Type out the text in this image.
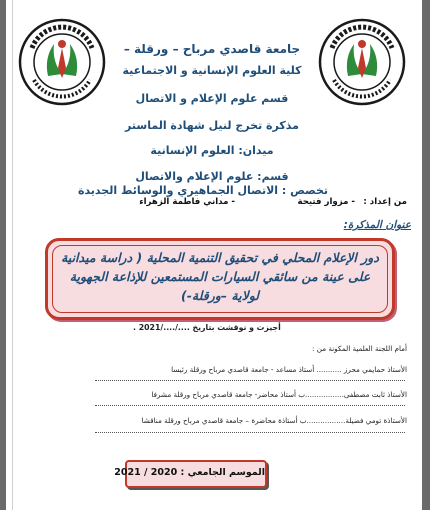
جامعة قاصدي مرباح – ورقلة –
كلية العلوم الإنسانية و الاجتماعية
قسم علوم الإعلام و الاتصال
مذكرة تخرج لنيل شهادة الماستر
ميدان: العلوم الإنسانية
قسم: علوم الإعلام والاتصال
تخصص : الاتصال الجماهيري والوسائط الجديدة
من إعداد :
- مزوار فتيحة
- مداني فاطمة الزهراء
عنوان المذكرة:
دور الإعلام المحلي في تحقيق التنمية المحلية ( دراسة ميدانية على عينة من سائقي السيارات المستمعين للإذاعة الجهوية لولاية –ورقلة-)
أجيزت و نوقشت بتاريخ ..../..../2021 .
أمام اللجنة العلمية المكونة من :
الأستاذ حمايمي محرز ........... أستاذ مساعد - جامعة قاصدي مرباح ورقلة رئيسا
الأستاذ ثابت مصطفى.................ب أستاذ محاضر- جامعة قاصدي مرباح ورقلة مشرفا
الأستاذة تومي فضيلة.................ب أستاذة محاضرة – جامعة قاصدي مرباح ورقلة مناقشا
الموسم الجامعي : 2020 / 2021
